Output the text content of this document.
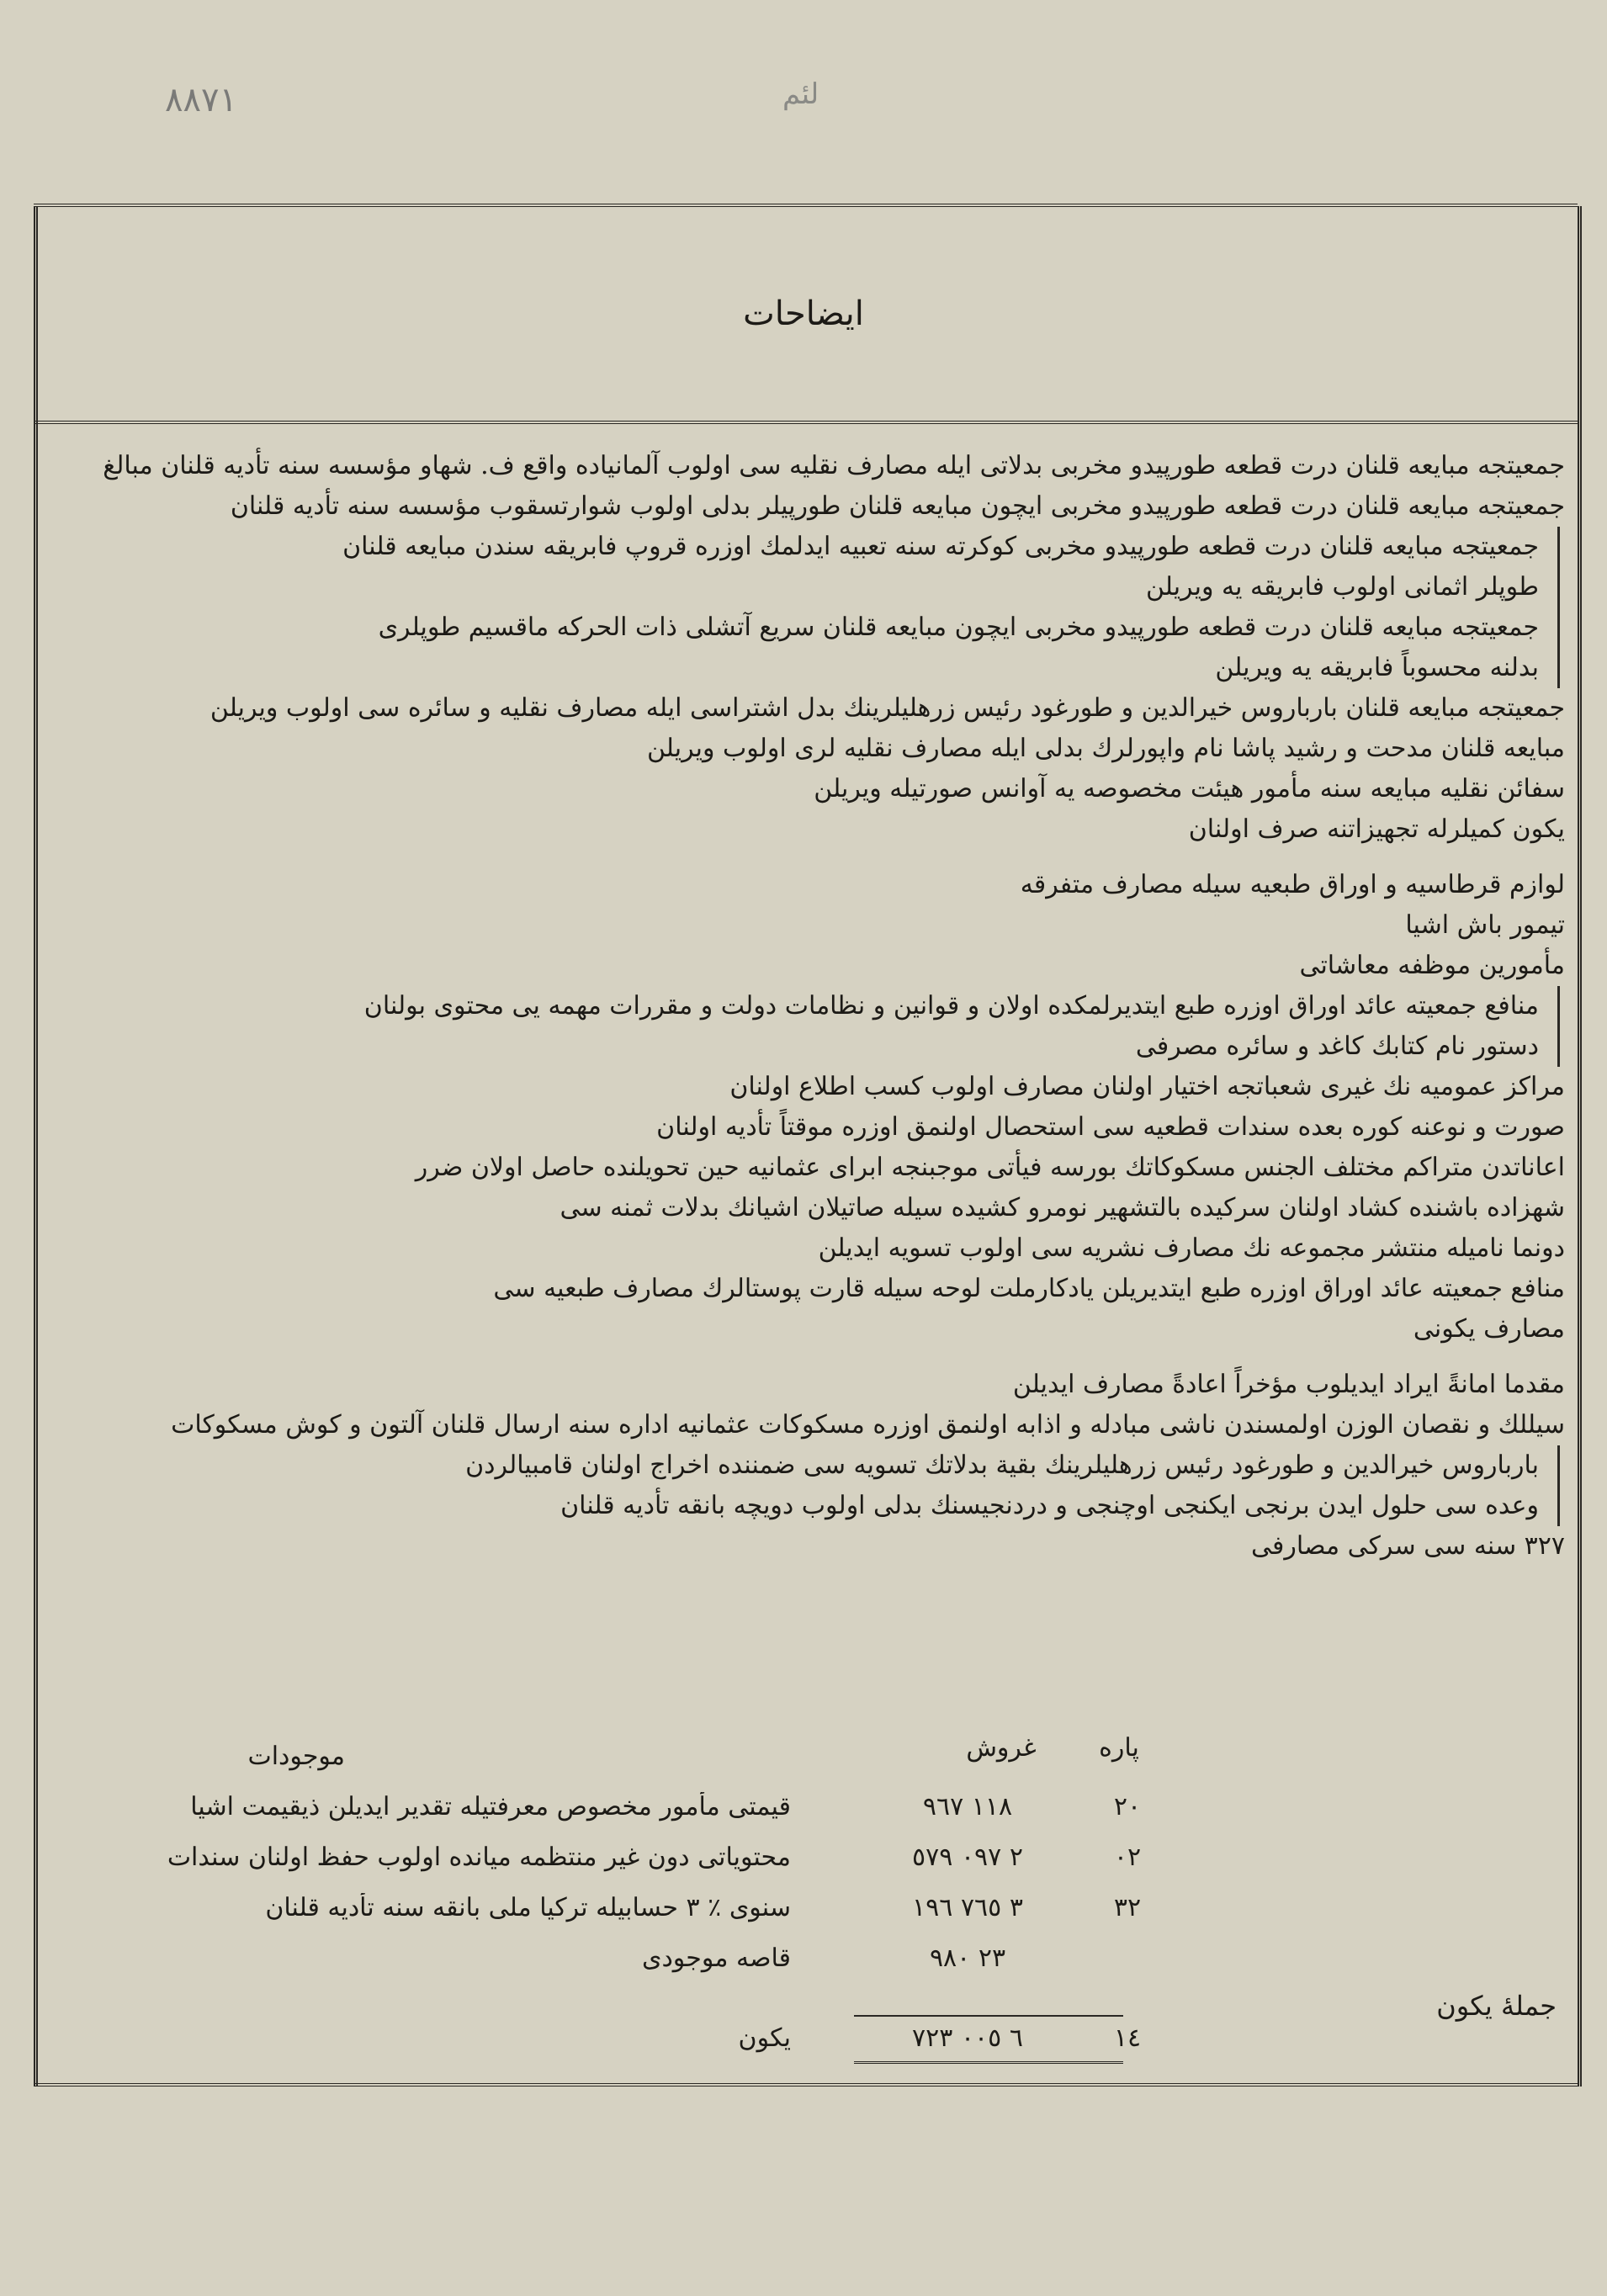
٨٨٧١	لئم
ایضاحات
جمعیتجه مبایعه قلنان درت قطعه طورپیدو مخربی بدلاتی ایله مصارف نقلیه سی اولوب آلمانیاده واقع ف. شهاو مؤسسه سنه تأدیه قلنان مبالغ
جمعیتجه مبایعه قلنان درت قطعه طورپیدو مخربی ایچون مبایعه قلنان طورپیلر بدلی اولوب شوارتسقوب مؤسسه سنه تأدیه قلنان
جمعیتجه مبایعه قلنان درت قطعه طورپیدو مخربی کوکرته سنه تعبیه ایدلمك اوزره قروپ فابریقه سندن مبایعه قلنان
طوپلر اثمانی اولوب فابریقه یه ویریلن
جمعیتجه مبایعه قلنان درت قطعه طورپیدو مخربی ایچون مبایعه قلنان سریع آتشلی ذات الحرکه ماقسیم طوپلری
بدلنه محسوباً فابریقه یه ویریلن
جمعیتجه مبایعه قلنان بارباروس خیرالدین و طورغود رئیس زرهلیلرینك بدل اشتراسی ایله مصارف نقلیه و سائره سی اولوب ویریلن
مبایعه قلنان مدحت و رشید پاشا نام واپورلرك بدلی ایله مصارف نقلیه لری اولوب ویریلن
سفائن نقلیه مبایعه سنه مأمور هیئت مخصوصه یه آوانس صورتیله ویریلن
یکون کمیلرله تجهیزاتنه صرف اولنان
لوازم قرطاسیه و اوراق طبعیه سیله مصارف متفرقه
تیمور باش اشیا
مأمورین موظفه معاشاتی
منافع جمعیته عائد اوراق اوزره طبع ایتدیرلمکده اولان و قوانین و نظامات دولت و مقررات مهمه یی محتوی بولنان
دستور نام کتابك کاغد و سائره مصرفی
مراکز عمومیه نك غیری شعباتجه اختیار اولنان مصارف اولوب کسب اطلاع اولنان
صورت و نوعنه کوره بعده سندات قطعیه سی استحصال اولنمق اوزره موقتاً تأدیه اولنان
اعاناتدن متراکم مختلف الجنس مسکوکاتك بورسه فیأتی موجبنجه ابرای عثمانیه حین تحویلنده حاصل اولان ضرر
شهزاده باشنده کشاد اولنان سرکیده بالتشهیر نومرو کشیده سیله صاتیلان اشیانك بدلات ثمنه سی
دونما نامیله منتشر مجموعه نك مصارف نشریه سی اولوب تسویه ایدیلن
منافع جمعیته عائد اوراق اوزره طبع ایتدیریلن یادکارملت لوحه سیله قارت پوستالرك مصارف طبعیه سی
مصارف یکونی
مقدما امانةً ایراد ایدیلوب مؤخراً اعادةً مصارف ایدیلن
سیللك و نقصان الوزن اولمسندن ناشی مبادله و اذابه اولنمق اوزره مسکوکات عثمانیه اداره سنه ارسال قلنان آلتون و کوش مسکوکات
بارباروس خیرالدین و طورغود رئیس زرهلیلرینك بقیة بدلاتك تسویه سی ضمننده اخراج اولنان قامبیالردن
وعده سی حلول ایدن برنجی ایکنجی اوچنجی و دردنجیسنك بدلی اولوب دویچه بانقه تأدیه قلنان
٣٢٧ سنه سی سرکی مصارفی
پاره
غروش
موجودات
قیمتی مأمور مخصوص معرفتیله تقدیر ایدیلن ذیقیمت اشیا	١١٨ ٩٦٧	٢٠
محتویاتی دون غیر منتظمه میانده اولوب حفظ اولنان سندات	٢ ٠٩٧ ٥٧٩	٠٢
سنوی ٪ ٣ حسابیله ترکیا ملی بانقه سنه تأدیه قلنان	٣ ٧٦٥ ١٩٦	٣٢
قاصه موجودی	٢٣ ٩٨٠
یکون	٦ ٠٠٥ ٧٢٣	١٤
جملهٔ یکون
